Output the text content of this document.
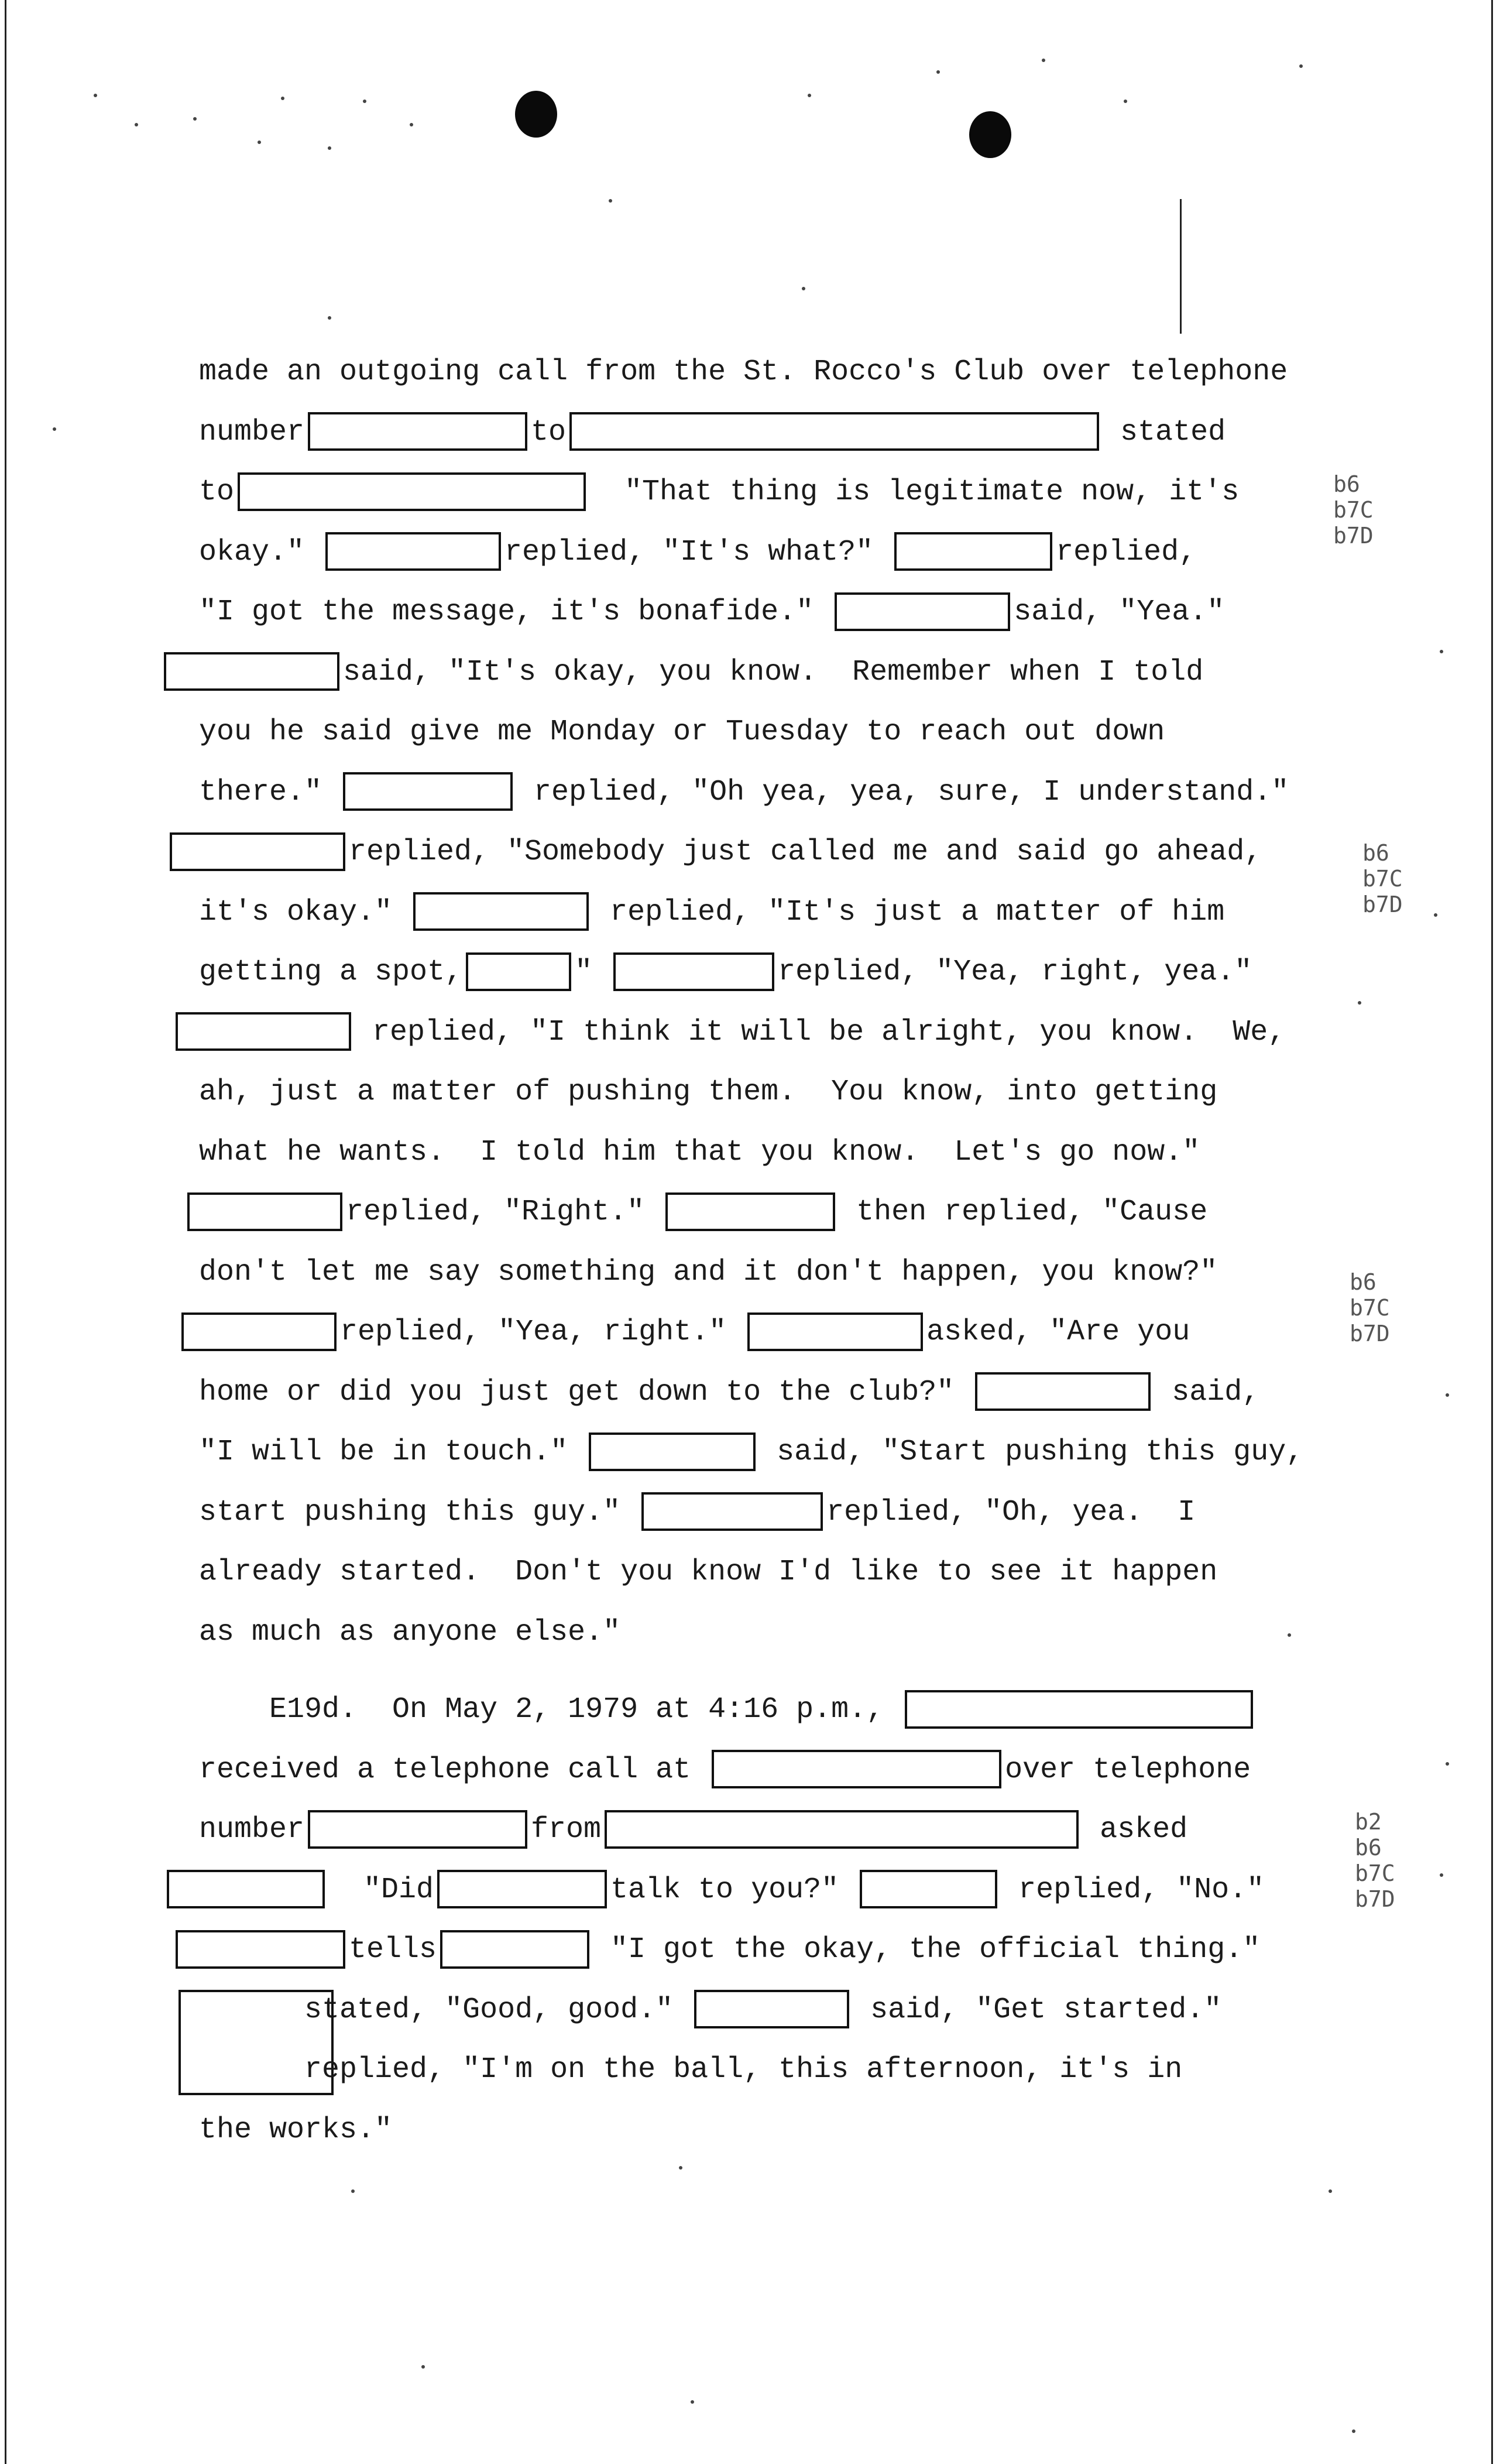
made an outgoing call from the St. Rocco's Club over telephone
number	to	stated
to	"That thing is legitimate now, it's
okay."	replied, "It's what?"	replied,
"I got the message, it's bonafide."	said, "Yea."
said, "It's okay, you know.  Remember when I told
you he said give me Monday or Tuesday to reach out down
there."	replied, "Oh yea, yea, sure, I understand."
replied, "Somebody just called me and said go ahead,
it's okay."	replied, "It's just a matter of him
getting a spot,	"	replied, "Yea, right, yea."
replied, "I think it will be alright, you know.  We,
ah, just a matter of pushing them.  You know, into getting
what he wants.  I told him that you know.  Let's go now."
replied, "Right."	then replied, "Cause
don't let me say something and it don't happen, you know?"
replied, "Yea, right."	asked, "Are you
home or did you just get down to the club?"	said,
"I will be in touch."	said, "Start pushing this guy,
start pushing this guy."	replied, "Oh, yea.  I
already started.  Don't you know I'd like to see it happen
as much as anyone else."
E19d.  On May 2, 1979 at 4:16 p.m.,
received a telephone call at	over telephone
number	from	asked
"Did	talk to you?"	replied, "No."
tells	"I got the okay, the official thing."
stated, "Good, good."	said, "Get started."
replied, "I'm on the ball, this afternoon, it's in
the works."
b6
b7C
b7D
b6
b7C
b7D
b6
b7C
b7D
b2
b6
b7C
b7D
